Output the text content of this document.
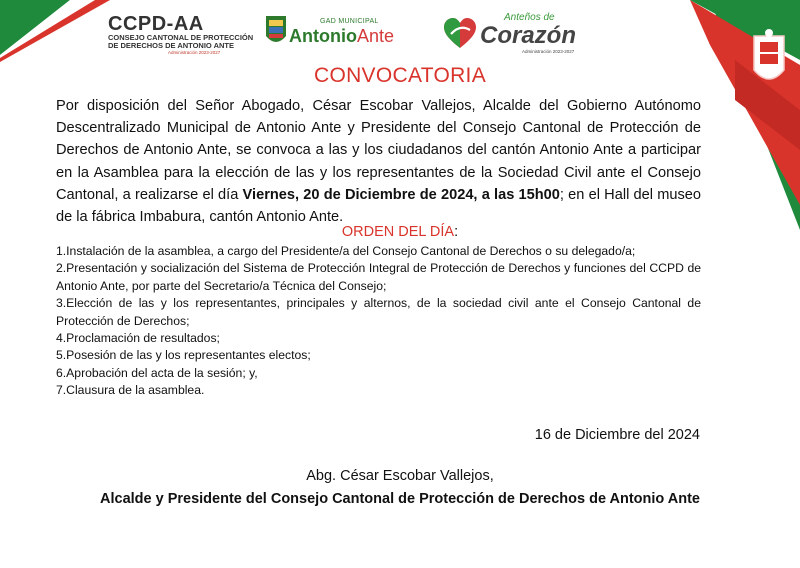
CCPD-AA
CONSEJO CANTONAL DE PROTECCIÓN
DE DERECHOS DE ANTONIO ANTE
Administración 2023-2027
GAD MUNICIPAL
AntonioAnte
Anteños de
Corazón
Administración 2023-2027
CONVOCATORIA
Por disposición del Señor Abogado, César Escobar Vallejos, Alcalde del Gobierno Autónomo Descentralizado Municipal de Antonio Ante y Presidente del Consejo Cantonal de Protección de Derechos de Antonio Ante, se convoca a las y los ciudadanos del cantón Antonio Ante a participar en la Asamblea para la elección de las y los representantes de la Sociedad Civil ante el Consejo Cantonal, a realizarse el día Viernes, 20 de Diciembre de 2024, a las 15h00; en el Hall del museo de la fábrica Imbabura, cantón Antonio Ante.
ORDEN DEL DÍA:
1.Instalación de la asamblea, a cargo del Presidente/a del Consejo Cantonal de Derechos o su delegado/a;
2.Presentación y socialización del Sistema de Protección Integral de Protección de Derechos y funciones del CCPD de Antonio Ante, por parte del Secretario/a Técnica del Consejo;
3.Elección de las y los representantes, principales y alternos, de la sociedad civil ante el Consejo Cantonal de Protección de Derechos;
4.Proclamación de resultados;
5.Posesión de las y los representantes electos;
6.Aprobación del acta de la sesión; y,
7.Clausura de la asamblea.
16 de Diciembre del 2024
Abg. César Escobar Vallejos,
Alcalde y Presidente del Consejo Cantonal de Protección de Derechos de Antonio Ante
